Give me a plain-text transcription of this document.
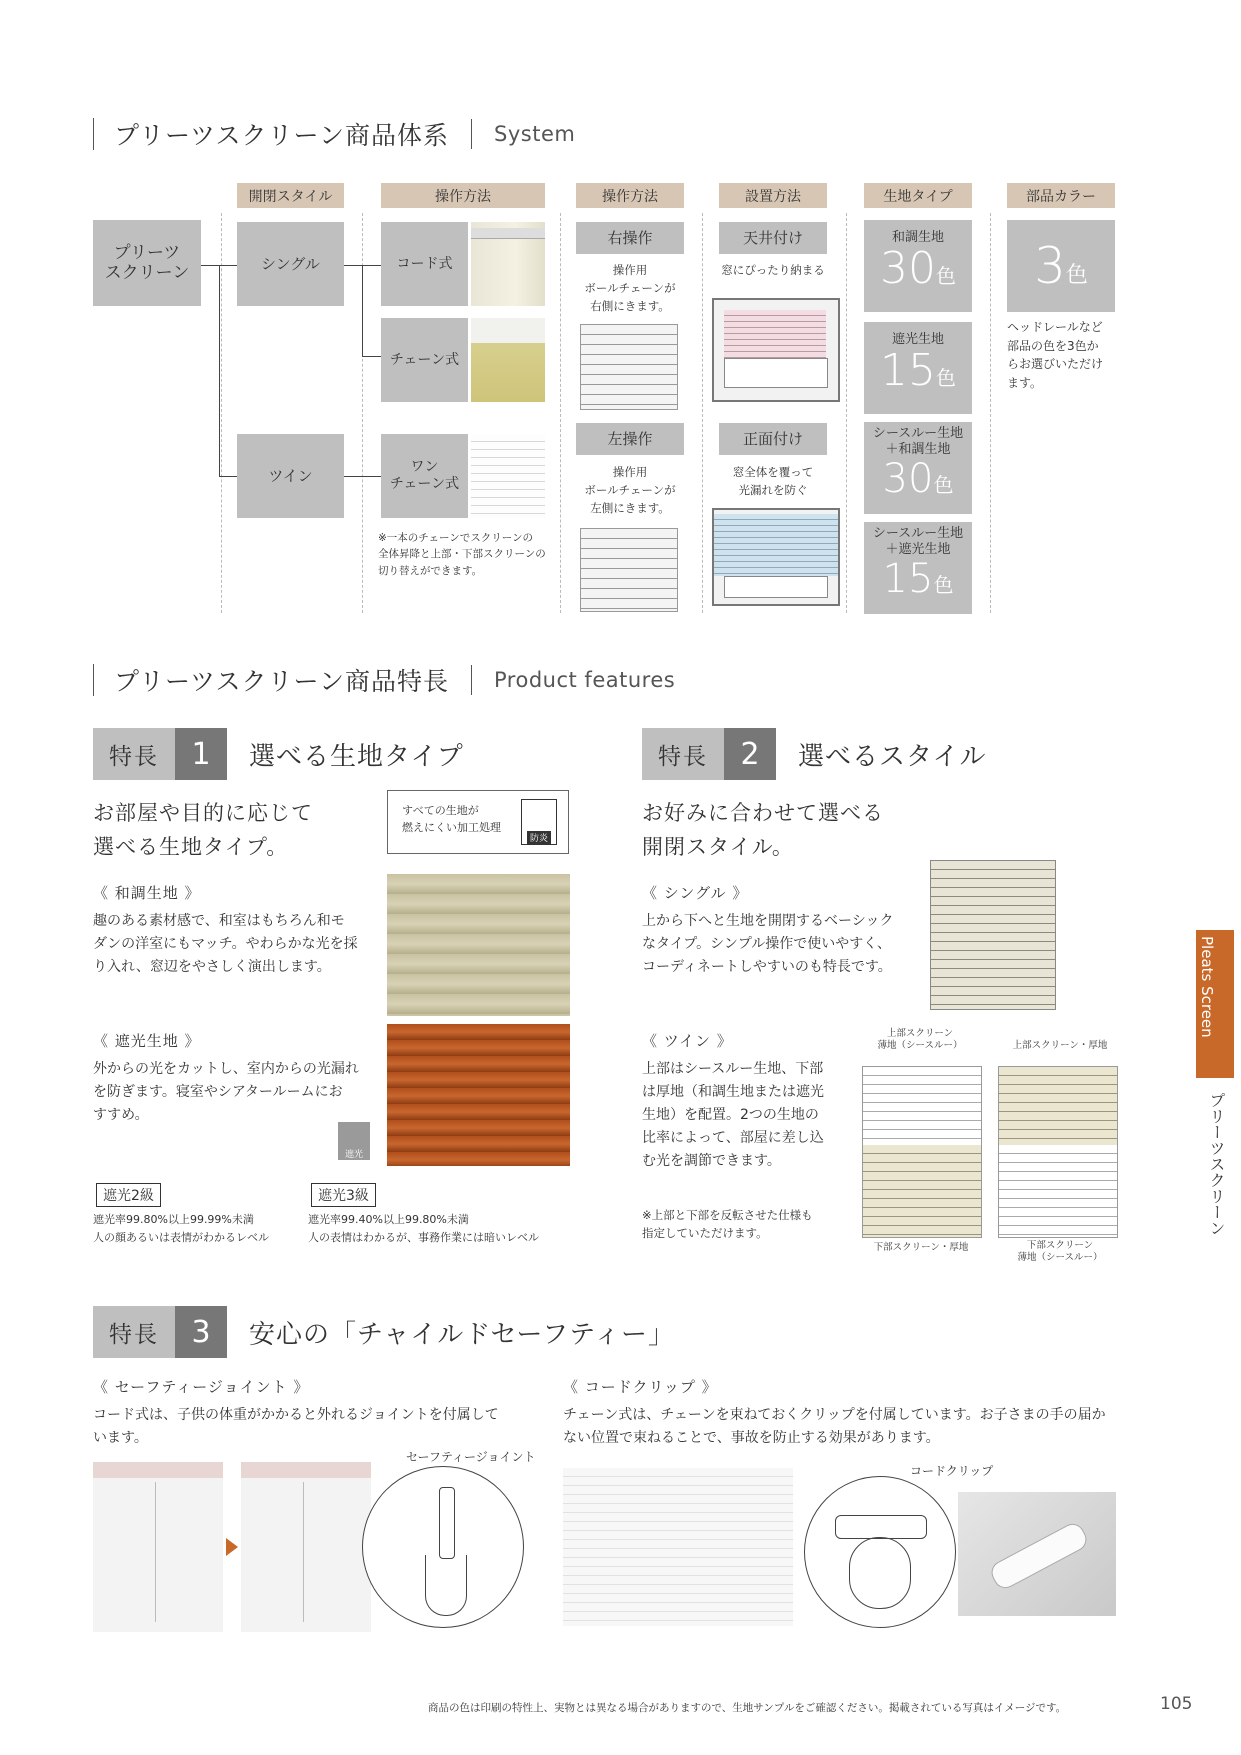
プリーツスクリーン商品体系 System
開閉スタイル	操作方法	操作方法	設置方法	生地タイプ	部品カラー
プリーツ
スクリーン	シングル
ツイン
コード式
チェーン式
ワン
チェーン式
※一本のチェーンでスクリーンの
全体昇降と上部・下部スクリーンの
切り替えができます。
右操作
操作用
ボールチェーンが
右側にきます。
左操作
操作用
ボールチェーンが
左側にきます。
天井付け
窓にぴったり納まる
正面付け
窓全体を覆って
光漏れを防ぐ
和調生地
30色
遮光生地
15色
シースルー生地
＋和調生地
30色
シースルー生地
＋遮光生地
15色
3 色
ヘッドレールなど
部品の色を3色か
らお選びいただけ
ます。
プリーツスクリーン商品特長 Product features
特長	1	選べる生地タイプ
お部屋や目的に応じて
選べる生地タイプ。
すべての生地が
燃えにくい加工処理
防炎
《 和調生地 》
趣のある素材感で、和室はもちろん和モ
ダンの洋室にもマッチ。やわらかな光を採
り入れ、窓辺をやさしく演出します。
《 遮光生地 》
外からの光をカットし、室内からの光漏れ
を防ぎます。寝室やシアタールームにお
すすめ。
遮光
遮光2級
遮光率99.80%以上99.99%未満
人の顔あるいは表情がわかるレベル
遮光3級
遮光率99.40%以上99.80%未満
人の表情はわかるが、事務作業には暗いレベル
特長	2	選べるスタイル
お好みに合わせて選べる
開閉スタイル。
《 シングル 》
上から下へと生地を開閉するベーシック
なタイプ。シンプル操作で使いやすく、
コーディネートしやすいのも特長です。
《 ツイン 》
上部はシースルー生地、下部
は厚地（和調生地または遮光
生地）を配置。2つの生地の
比率によって、部屋に差し込
む光を調節できます。
※上部と下部を反転させた仕様も
指定していただけます。
上部スクリーン
薄地（シースルー）	上部スクリーン・厚地
下部スクリーン・厚地	下部スクリーン
薄地（シースルー）
特長	3	安心の「チャイルドセーフティー」
《 セーフティージョイント 》
コード式は、子供の体重がかかると外れるジョイントを付属して
います。
セーフティージョイント
《 コードクリップ 》
チェーン式は、チェーンを束ねておくクリップを付属しています。お子さまの手の届か
ない位置で束ねることで、事故を防止する効果があります。
コードクリップ
Pleats Screen
プリーツスクリーン
商品の色は印刷の特性上、実物とは異なる場合がありますので、生地サンプルをご確認ください。掲載されている写真はイメージです。	105
